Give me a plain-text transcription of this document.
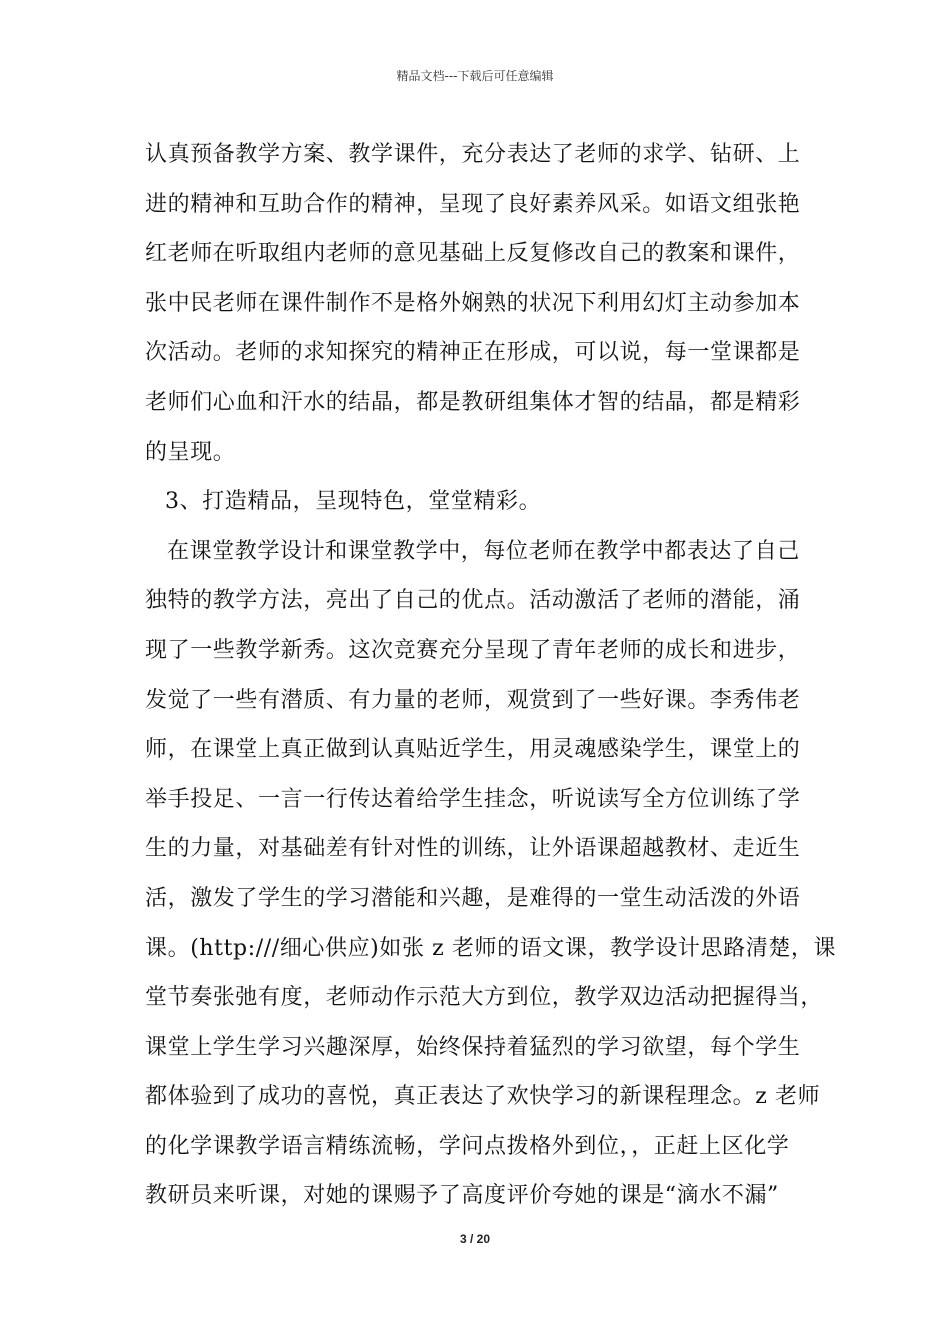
精品文档---下载后可任意编辑
认真预备教学方案、教学课件，充分表达了老师的求学、钻研、上
进的精神和互助合作的精神，呈现了良好素养风采。如语文组张艳
红老师在听取组内老师的意见基础上反复修改自己的教案和课件，
张中民老师在课件制作不是格外娴熟的状况下利用幻灯主动参加本
次活动。老师的求知探究的精神正在形成，可以说，每一堂课都是
老师们心血和汗水的结晶，都是教研组集体才智的结晶，都是精彩
的呈现。
3、打造精品，呈现特色，堂堂精彩。
在课堂教学设计和课堂教学中，每位老师在教学中都表达了自己
独特的教学方法，亮出了自己的优点。活动激活了老师的潜能，涌
现了一些教学新秀。这次竞赛充分呈现了青年老师的成长和进步，
发觉了一些有潜质、有力量的老师，观赏到了一些好课。李秀伟老
师，在课堂上真正做到认真贴近学生，用灵魂感染学生，课堂上的
举手投足、一言一行传达着给学生挂念，听说读写全方位训练了学
生的力量，对基础差有针对性的训练，让外语课超越教材、走近生
活，激发了学生的学习潜能和兴趣，是难得的一堂生动活泼的外语
课。(http:///细心供应)如张 z 老师的语文课，教学设计思路清楚，课
堂节奏张弛有度，老师动作示范大方到位，教学双边活动把握得当，
课堂上学生学习兴趣深厚，始终保持着猛烈的学习欲望，每个学生
都体验到了成功的喜悦，真正表达了欢快学习的新课程理念。z 老师
的化学课教学语言精练流畅，学问点拨格外到位，，正赶上区化学
教研员来听课，对她的课赐予了高度评价夸她的课是“滴水不漏”
3 / 20
